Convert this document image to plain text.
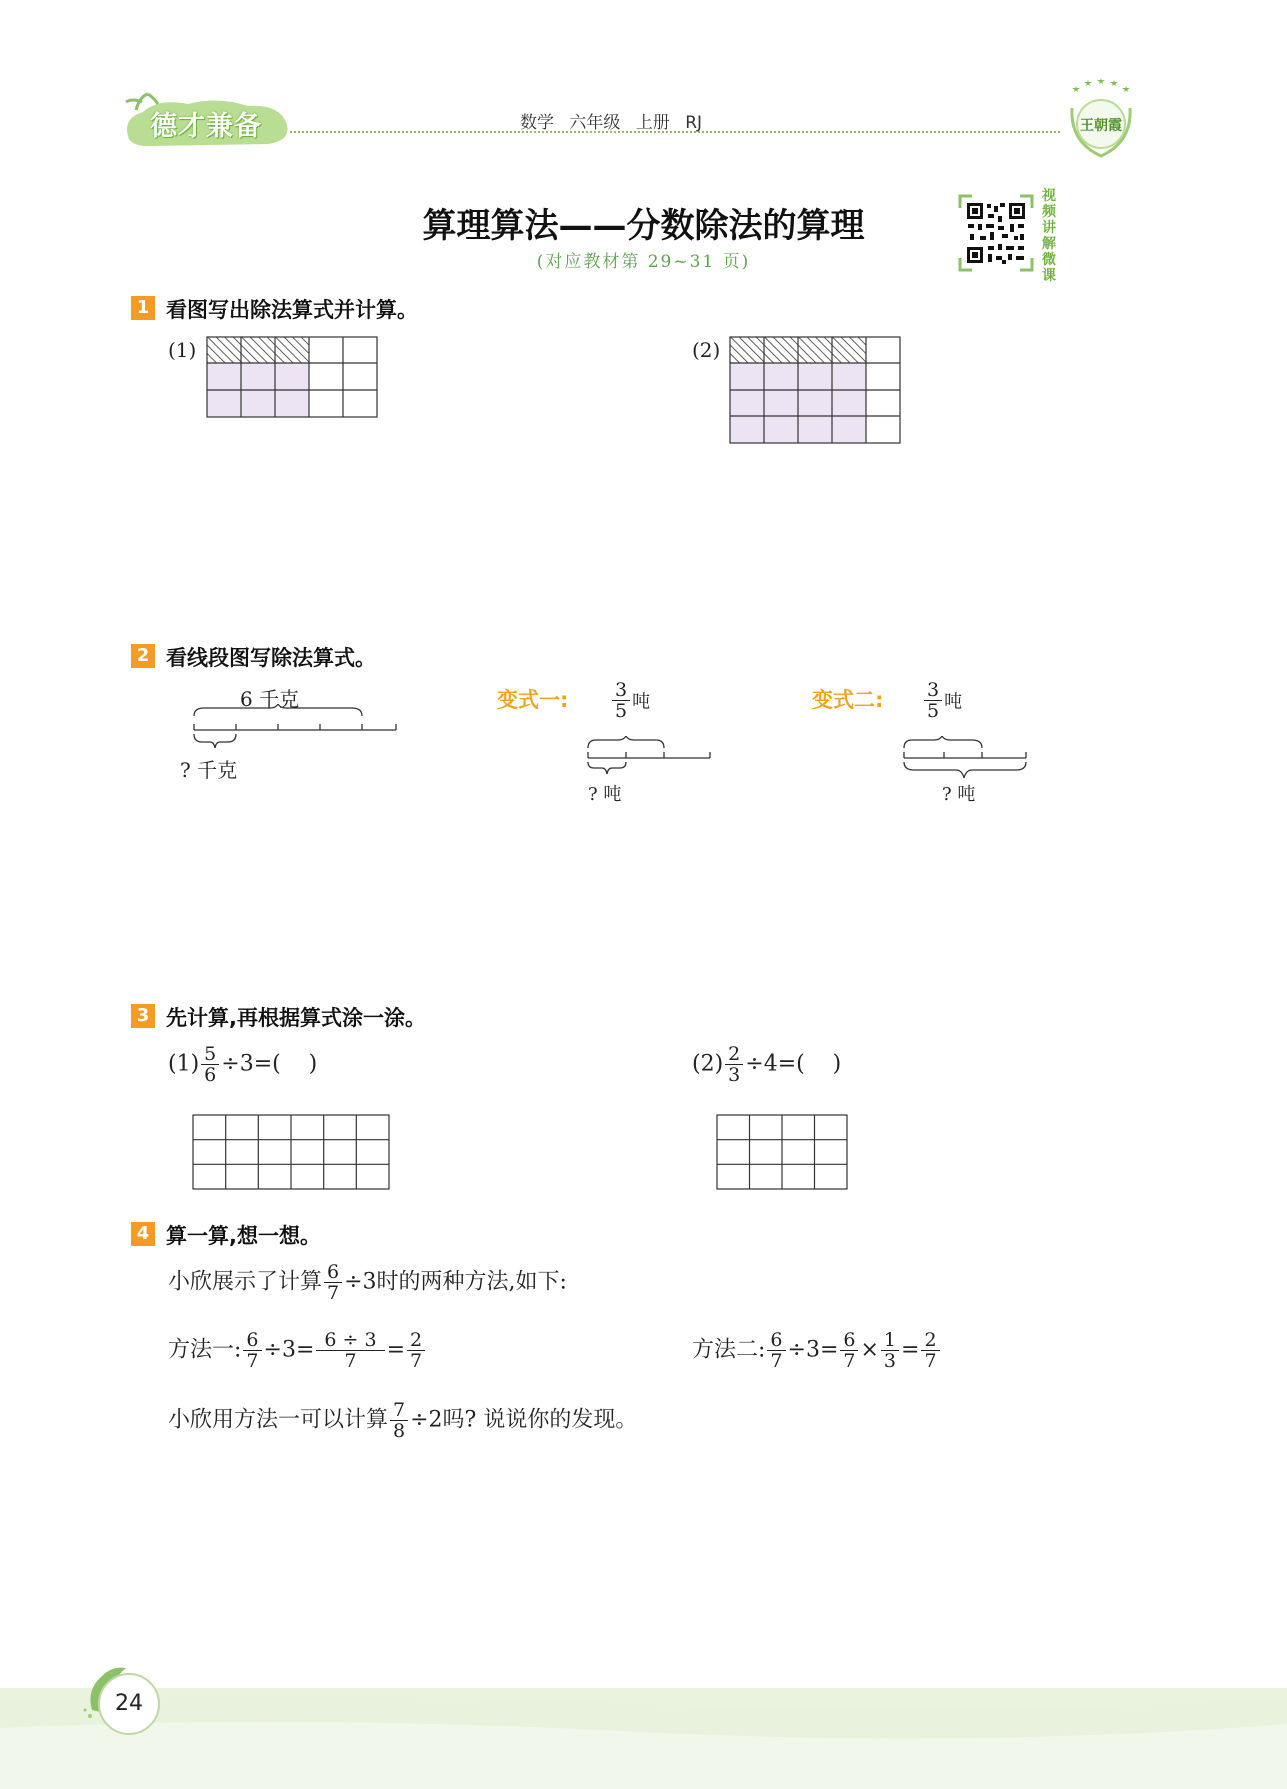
德才兼备	数学 六年级 上册 RJ	王朝霞
算理算法——分数除法的算理
(对应教材第 29~31 页)
视频讲解微课
1 看图写出除法算式并计算。
(1)	(2)
2 看线段图写除法算式。
6 千克
? 千克
变式一: $\frac{3}{5}$ 吨
? 吨
变式二: $\frac{3}{5}$ 吨
? 吨
3 先计算,再根据算式涂一涂。
$(1) \frac{5}{6} \div 3=$(    )	$(2) \frac{2}{3} \div 4=$(    )
4 算一算,想一想。
小欣展示了计算 $\frac{6}{7} \div 3$时的两种方法,如下:
方法一: $\frac{6}{7} \div 3= \frac{6 \div 3}{7} = \frac{2}{7}$	方法二: $\frac{6}{7} \div 3= \frac{6}{7} \times \frac{1}{3} = \frac{2}{7}$
小欣用方法一可以计算 $\frac{7}{8} \div 2$吗? 说说你的发现。
24
